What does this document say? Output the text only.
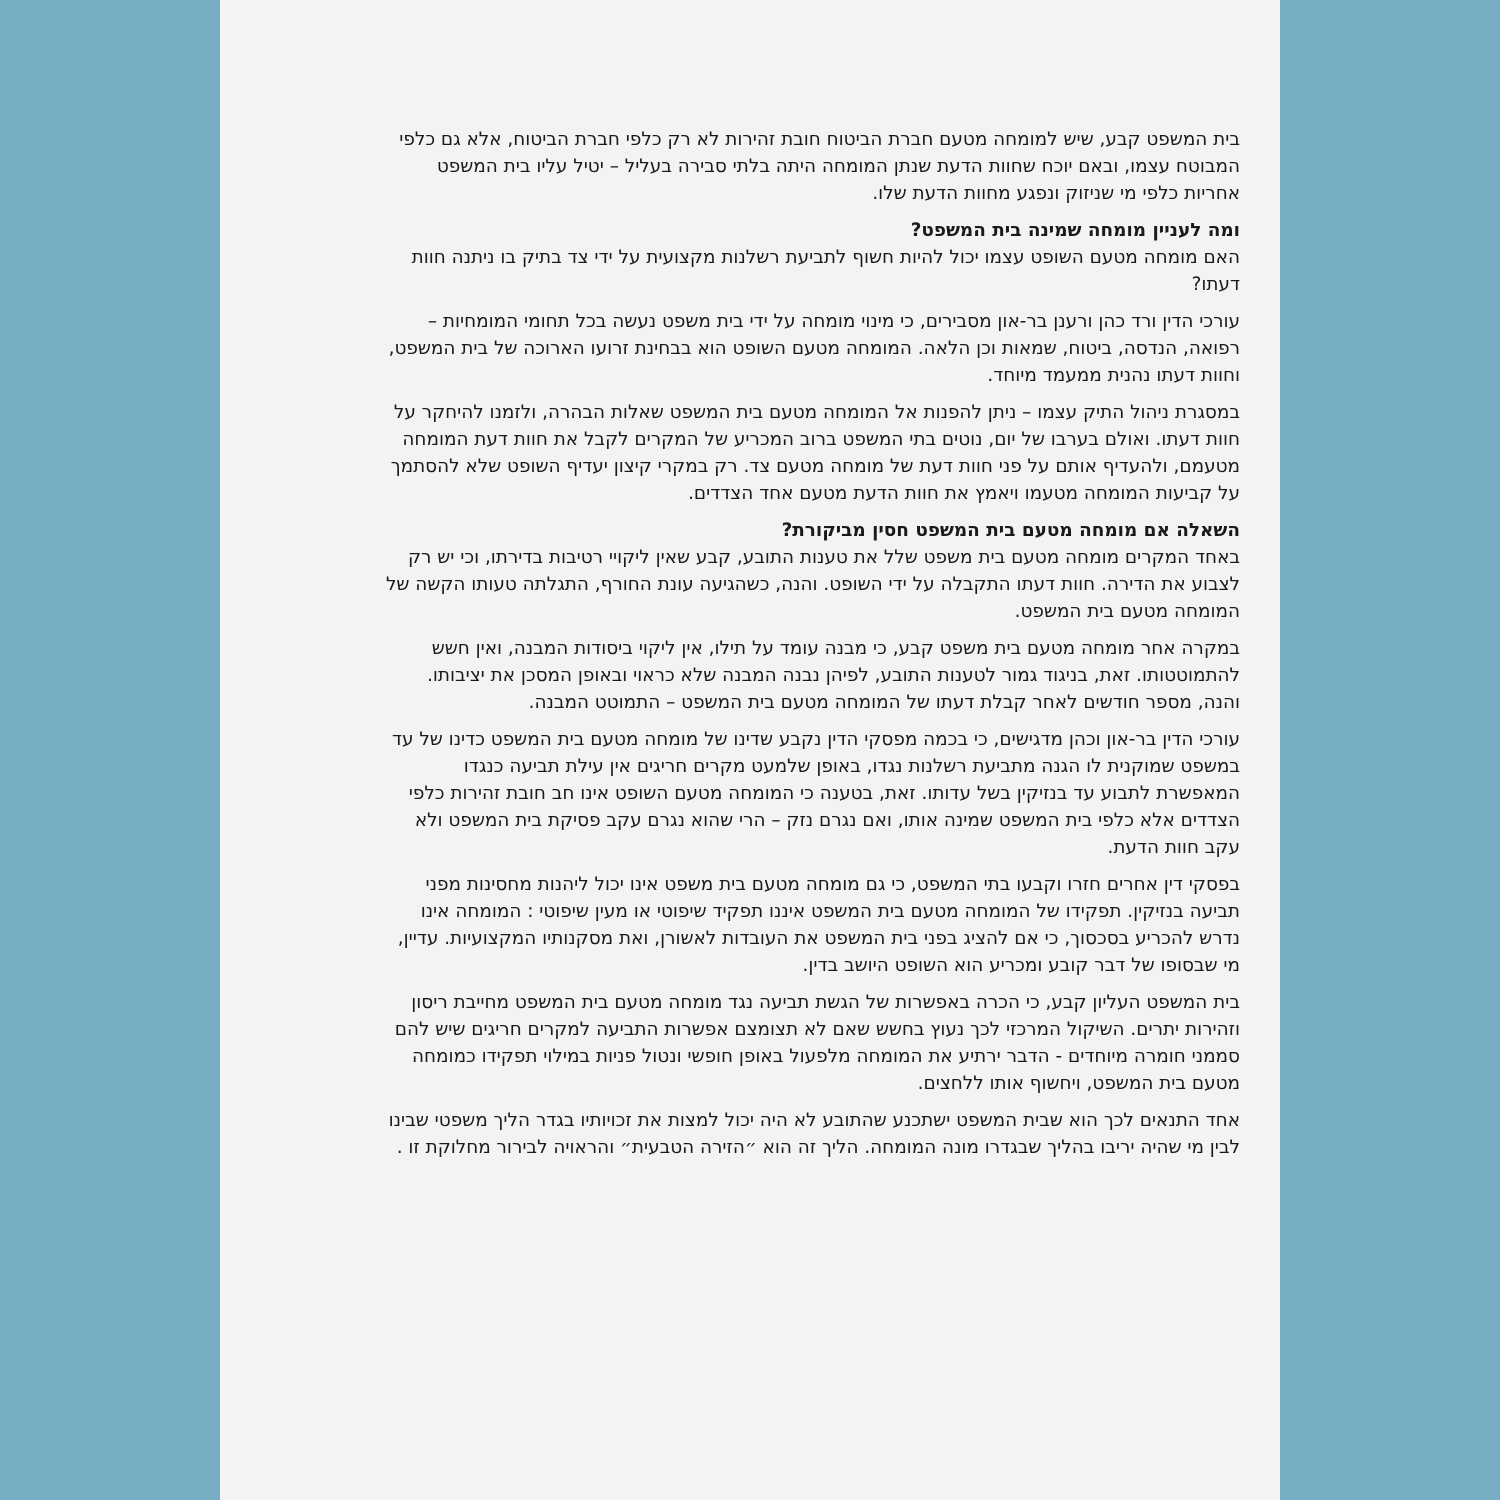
בית המשפט קבע, שיש למומחה מטעם חברת הביטוח חובת זהירות לא רק כלפי חברת הביטוח, אלא גם כלפי המבוטח עצמו, ובאם יוכח שחוות הדעת שנתן המומחה היתה בלתי סבירה בעליל – יטיל עליו בית המשפט אחריות כלפי מי שניזוק ונפגע מחוות הדעת שלו.

ומה לעניין מומחה שמינה בית המשפט?

האם מומחה מטעם השופט עצמו יכול להיות חשוף לתביעת רשלנות מקצועית על ידי צד בתיק בו ניתנה חוות דעתו?

עורכי הדין ורד כהן ורענן בר-און מסבירים, כי מינוי מומחה על ידי בית משפט נעשה בכל תחומי המומחיות – רפואה, הנדסה, ביטוח, שמאות וכן הלאה. המומחה מטעם השופט הוא בבחינת זרועו הארוכה של בית המשפט, וחוות דעתו נהנית ממעמד מיוחד.

במסגרת ניהול התיק עצמו – ניתן להפנות אל המומחה מטעם בית המשפט שאלות הבהרה, ולזמנו להיחקר על חוות דעתו. ואולם בערבו של יום, נוטים בתי המשפט ברוב המכריע של המקרים לקבל את חוות דעת המומחה מטעמם, ולהעדיף אותם על פני חוות דעת של מומחה מטעם צד. רק במקרי קיצון יעדיף השופט שלא להסתמך על קביעות המומחה מטעמו ויאמץ את חוות הדעת מטעם אחד הצדדים.

השאלה אם מומחה מטעם בית המשפט חסין מביקורת?

באחד המקרים מומחה מטעם בית משפט שלל את טענות התובע, קבע שאין ליקויי רטיבות בדירתו, וכי יש רק לצבוע את הדירה. חוות דעתו התקבלה על ידי השופט. והנה, כשהגיעה עונת החורף, התגלתה טעותו הקשה של המומחה מטעם בית המשפט.

במקרה אחר מומחה מטעם בית משפט קבע, כי מבנה עומד על תילו, אין ליקוי ביסודות המבנה, ואין חשש להתמוטטותו. זאת, בניגוד גמור לטענות התובע, לפיהן נבנה המבנה שלא כראוי ובאופן המסכן את יציבותו. והנה, מספר חודשים לאחר קבלת דעתו של המומחה מטעם בית המשפט – התמוטט המבנה.

עורכי הדין בר-און וכהן מדגישים, כי בכמה מפסקי הדין נקבע שדינו של מומחה מטעם בית המשפט כדינו של עד במשפט שמוקנית לו הגנה מתביעת רשלנות נגדו, באופן שלמעט מקרים חריגים אין עילת תביעה כנגדו המאפשרת לתבוע עד בנזיקין בשל עדותו. זאת, בטענה כי המומחה מטעם השופט אינו חב חובת זהירות כלפי הצדדים אלא כלפי בית המשפט שמינה אותו, ואם נגרם נזק – הרי שהוא נגרם עקב פסיקת בית המשפט ולא עקב חוות הדעת.

בפסקי דין אחרים חזרו וקבעו בתי המשפט, כי גם מומחה מטעם בית משפט אינו יכול ליהנות מחסינות מפני תביעה בנזיקין. תפקידו של המומחה מטעם בית המשפט איננו תפקיד שיפוטי או מעין שיפוטי : המומחה אינו נדרש להכריע בסכסוך, כי אם להציג בפני בית המשפט את העובדות לאשורן, ואת מסקנותיו המקצועיות. עדיין, מי שבסופו של דבר קובע ומכריע הוא השופט היושב בדין.

בית המשפט העליון קבע, כי הכרה באפשרות של הגשת תביעה נגד מומחה מטעם בית המשפט מחייבת ריסון וזהירות יתרים. השיקול המרכזי לכך נעוץ בחשש שאם לא תצומצם אפשרות התביעה למקרים חריגים שיש להם סממני חומרה מיוחדים - הדבר ירתיע את המומחה מלפעול באופן חופשי ונטול פניות במילוי תפקידו כמומחה מטעם בית המשפט, ויחשוף אותו ללחצים.

אחד התנאים לכך הוא שבית המשפט ישתכנע שהתובע לא היה יכול למצות את זכויותיו בגדר הליך משפטי שבינו לבין מי שהיה יריבו בהליך שבגדרו מונה המומחה. הליך זה הוא ״הזירה הטבעית״ והראויה לבירור מחלוקת זו .
